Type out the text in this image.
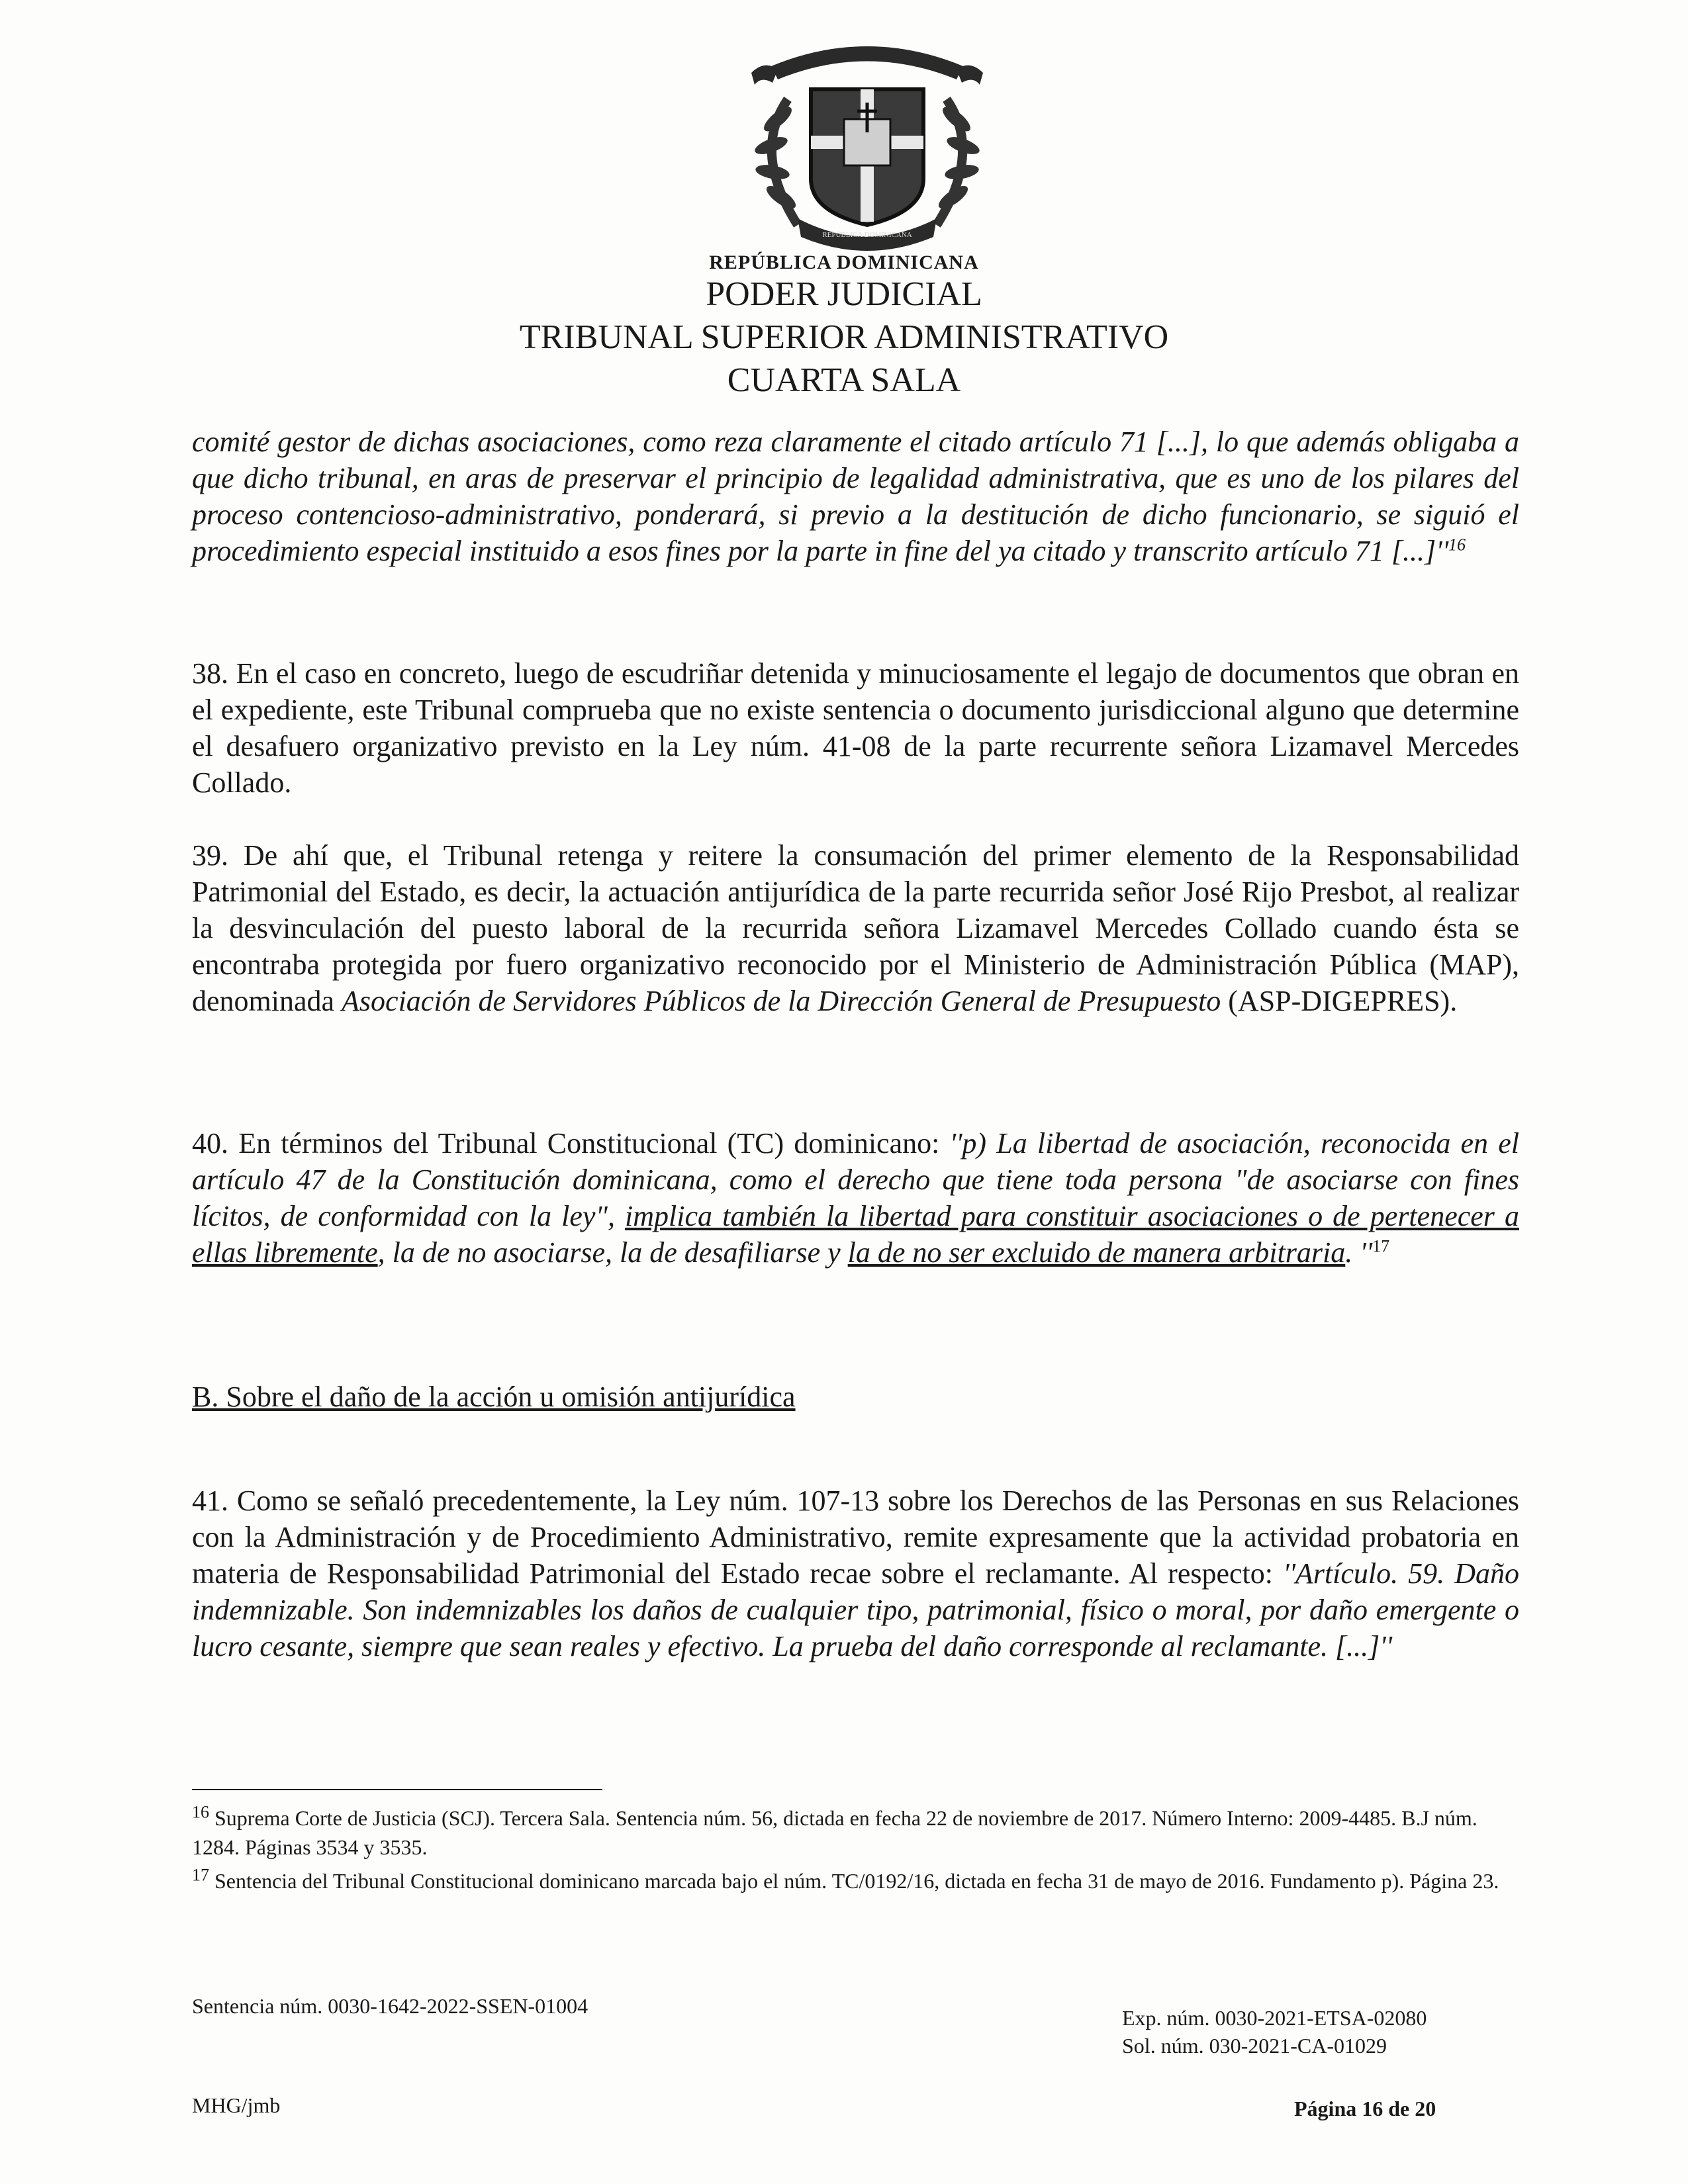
REPÚBLICA DOMINICANA
REPÚBLICA DOMINICANA
PODER JUDICIAL
TRIBUNAL SUPERIOR ADMINISTRATIVO
CUARTA SALA
comité gestor de dichas asociaciones, como reza claramente el citado artículo 71 [...], lo que además obligaba a que dicho tribunal, en aras de preservar el principio de legalidad administrativa, que es uno de los pilares del proceso contencioso-administrativo, ponderará, si previo a la destitución de dicho funcionario, se siguió el procedimiento especial instituido a esos fines por la parte in fine del ya citado y transcrito artículo 71 $[...]''^{16}$
38. En el caso en concreto, luego de escudriñar detenida y minuciosamente el legajo de documentos que obran en el expediente, este Tribunal comprueba que no existe sentencia o documento jurisdiccional alguno que determine el desafuero organizativo previsto en la Ley núm. 41-08 de la parte recurrente señora Lizamavel Mercedes Collado.
39. De ahí que, el Tribunal retenga y reitere la consumación del primer elemento de la Responsabilidad Patrimonial del Estado, es decir, la actuación antijurídica de la parte recurrida señor José Rijo Presbot, al realizar la desvinculación del puesto laboral de la recurrida señora Lizamavel Mercedes Collado cuando ésta se encontraba protegida por fuero organizativo reconocido por el Ministerio de Administración Pública (MAP), denominada Asociación de Servidores Públicos de la Dirección General de Presupuesto (ASP-DIGEPRES).
40. En términos del Tribunal Constitucional (TC) dominicano: ''p) La libertad de asociación, reconocida en el artículo 47 de la Constitución dominicana, como el derecho que tiene toda persona "de asociarse con fines lícitos, de conformidad con la ley", implica también la libertad para constituir asociaciones o de pertenecer a ellas libremente, la de no asociarse, la de desafiliarse y la de no ser excluido de manera arbitraria. ''$^{17}$
B. Sobre el daño de la acción u omisión antijurídica
41. Como se señaló precedentemente, la Ley núm. 107-13 sobre los Derechos de las Personas en sus Relaciones con la Administración y de Procedimiento Administrativo, remite expresamente que la actividad probatoria en materia de Responsabilidad Patrimonial del Estado recae sobre el reclamante. Al respecto: ''Artículo. 59. Daño indemnizable. Son indemnizables los daños de cualquier tipo, patrimonial, físico o moral, por daño emergente o lucro cesante, siempre que sean reales y efectivo. La prueba del daño corresponde al reclamante. [...]''
$^{16}$ Suprema Corte de Justicia (SCJ). Tercera Sala. Sentencia núm. 56, dictada en fecha 22 de noviembre de 2017. Número Interno: 2009-4485. B.J núm. 1284. Páginas 3534 y 3535.
$^{17}$ Sentencia del Tribunal Constitucional dominicano marcada bajo el núm. TC/0192/16, dictada en fecha 31 de mayo de 2016. Fundamento p). Página 23.
Sentencia núm. 0030-1642-2022-SSEN-01004	Exp. núm. 0030-2021-ETSA-02080
Sol. núm. 030-2021-CA-01029
MHG/jmb	Página 16 de 20
